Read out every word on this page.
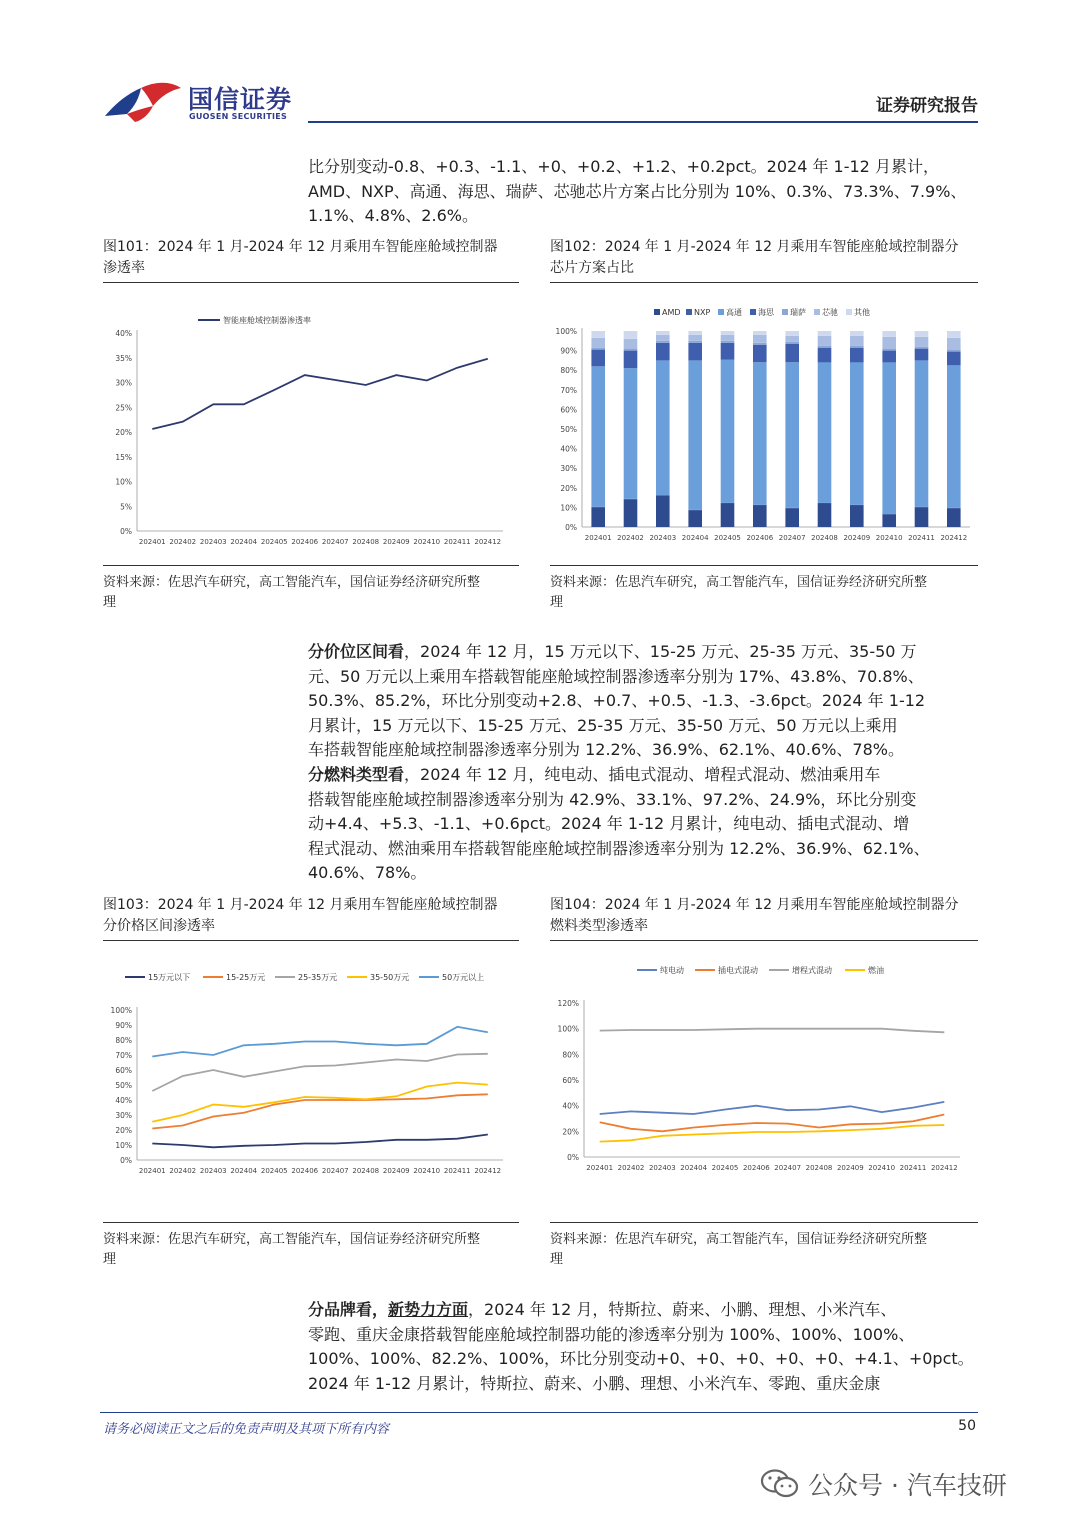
国信证券
GUOSEN SECURITIES
证券研究报告
比分别变动-0.8、+0.3、-1.1、+0、+0.2、+1.2、+0.2pct。2024 年 1-12 月累计，
AMD、NXP、高通、海思、瑞萨、芯驰芯片方案占比分别为 10%、0.3%、73.3%、7.9%、
1.1%、4.8%、2.6%。
图101：2024 年 1 月-2024 年 12 月乘用车智能座舱域控制器
渗透率
0%
5%
10%
15%
20%
25%
30%
35%
40%
202401 202402 202403 202404 202405 202406 202407 202408 202409 202410 202411 202412
智能座舱域控制器渗透率
资料来源：佐思汽车研究，高工智能汽车，国信证券经济研究所整
理
图102：2024 年 1 月-2024 年 12 月乘用车智能座舱域控制器分
芯片方案占比
0%
10%
20%
30%
40%
50%
60%
70%
80%
90%
100%
202401 202402 202403 202404 202405 202406 202407 202408 202409 202410 202411 202412
AMD NXP 高通 海思 瑞萨 芯驰 其他
资料来源：佐思汽车研究，高工智能汽车，国信证券经济研究所整
理
分价位区间看，2024 年 12 月，15 万元以下、15-25 万元、25-35 万元、35-50 万
元、50 万元以上乘用车搭载智能座舱域控制器渗透率分别为 17%、43.8%、70.8%、
50.3%、85.2%，环比分别变动+2.8、+0.7、+0.5、-1.3、-3.6pct。2024 年 1-12
月累计，15 万元以下、15-25 万元、25-35 万元、35-50 万元、50 万元以上乘用
车搭载智能座舱域控制器渗透率分别为 12.2%、36.9%、62.1%、40.6%、78%。
分燃料类型看，2024 年 12 月，纯电动、插电式混动、增程式混动、燃油乘用车
搭载智能座舱域控制器渗透率分别为 42.9%、33.1%、97.2%、24.9%，环比分别变
动+4.4、+5.3、-1.1、+0.6pct。2024 年 1-12 月累计，纯电动、插电式混动、增
程式混动、燃油乘用车搭载智能座舱域控制器渗透率分别为 12.2%、36.9%、62.1%、
40.6%、78%。
图103：2024 年 1 月-2024 年 12 月乘用车智能座舱域控制器
分价格区间渗透率
0%
10%
20%
30%
40%
50%
60%
70%
80%
90%
100%
202401 202402 202403 202404 202405 202406 202407 202408 202409 202410 202411 202412
15万元以下	15-25万元	25-35万元	35-50万元	50万元以上
资料来源：佐思汽车研究，高工智能汽车，国信证券经济研究所整
理
图104：2024 年 1 月-2024 年 12 月乘用车智能座舱域控制器分
燃料类型渗透率
0%
20%
40%
60%
80%
100%
120%
202401 202402 202403 202404 202405 202406 202407 202408 202409 202410 202411 202412
纯电动	插电式混动	增程式混动	燃油
资料来源：佐思汽车研究，高工智能汽车，国信证券经济研究所整
理
分品牌看，新势力方面，2024 年 12 月，特斯拉、蔚来、小鹏、理想、小米汽车、
零跑、重庆金康搭载智能座舱域控制器功能的渗透率分别为 100%、100%、100%、
100%、100%、82.2%、100%，环比分别变动+0、+0、+0、+0、+0、+4.1、+0pct。
2024 年 1-12 月累计，特斯拉、蔚来、小鹏、理想、小米汽车、零跑、重庆金康
请务必阅读正文之后的免责声明及其项下所有内容	50
公众号 · 汽车技研
